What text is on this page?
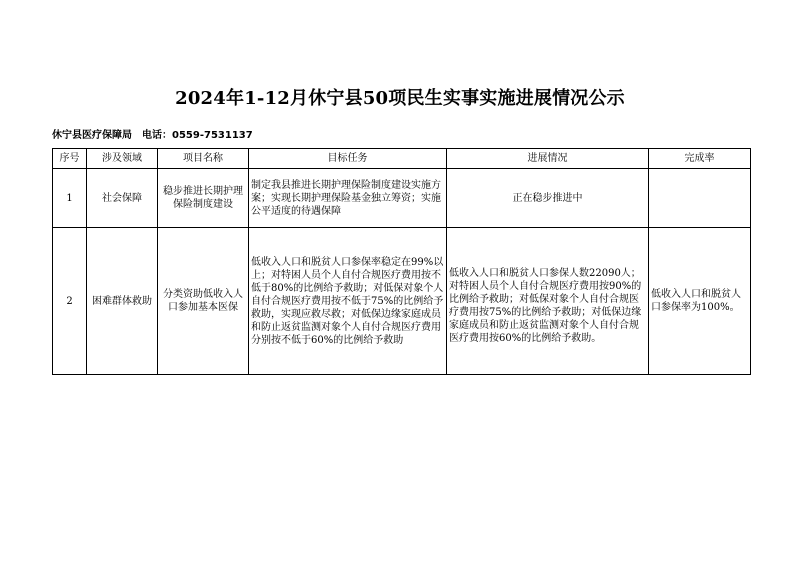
2024年1-12月休宁县50项民生实事实施进展情况公示
休宁县医疗保障局 电话：0559-7531137
序号	涉及领域	项目名称	目标任务	进展情况	完成率
1	社会保障	稳步推进长期护理保险制度建设	制定我县推进长期护理保险制度建设实施方案；实现长期护理保险基金独立筹资；实施公平适度的待遇保障	正在稳步推进中	
2	困难群体救助	分类资助低收入人口参加基本医保	低收入人口和脱贫人口参保率稳定在99%以上；对特困人员个人自付合规医疗费用按不低于80%的比例给予救助；对低保对象个人自付合规医疗费用按不低于75%的比例给予救助，实现应救尽救；对低保边缘家庭成员和防止返贫监测对象个人自付合规医疗费用分别按不低于60%的比例给予救助	低收入人口和脱贫人口参保人数22090人；对特困人员个人自付合规医疗费用按90%的比例给予救助；对低保对象个人自付合规医疗费用按75%的比例给予救助；对低保边缘家庭成员和防止返贫监测对象个人自付合规医疗费用按60%的比例给予救助。	低收入人口和脱贫人口参保率为100%。
